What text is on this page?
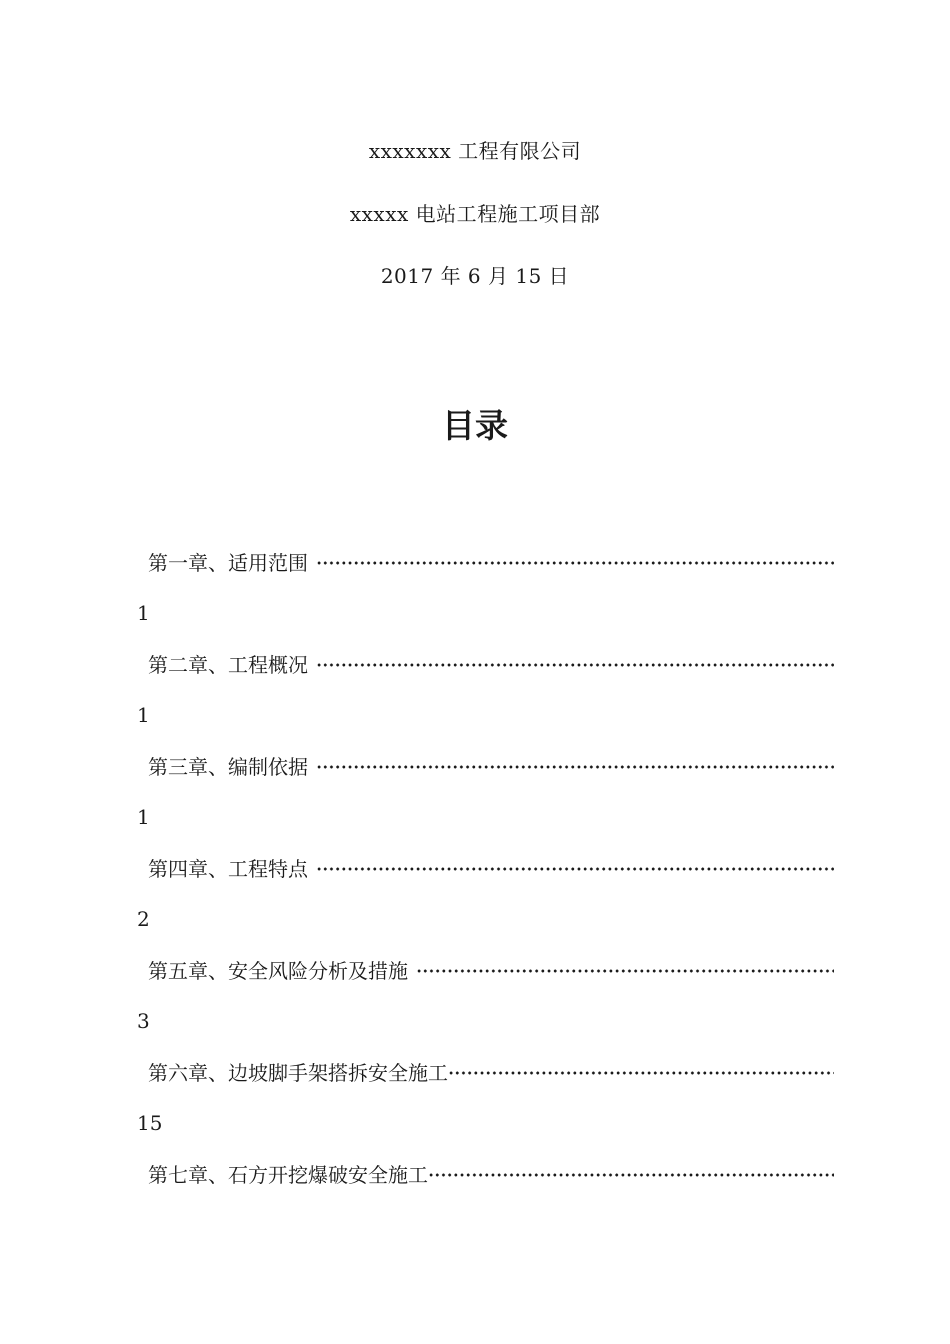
xxxxxxx 工程有限公司
xxxxx 电站工程施工项目部
2017 年 6 月 15 日
目录
第一章、适用范围
1
第二章、工程概况
1
第三章、编制依据
1
第四章、工程特点
2
第五章、安全风险分析及措施
3
第六章、边坡脚手架搭拆安全施工
15
第七章、石方开挖爆破安全施工
